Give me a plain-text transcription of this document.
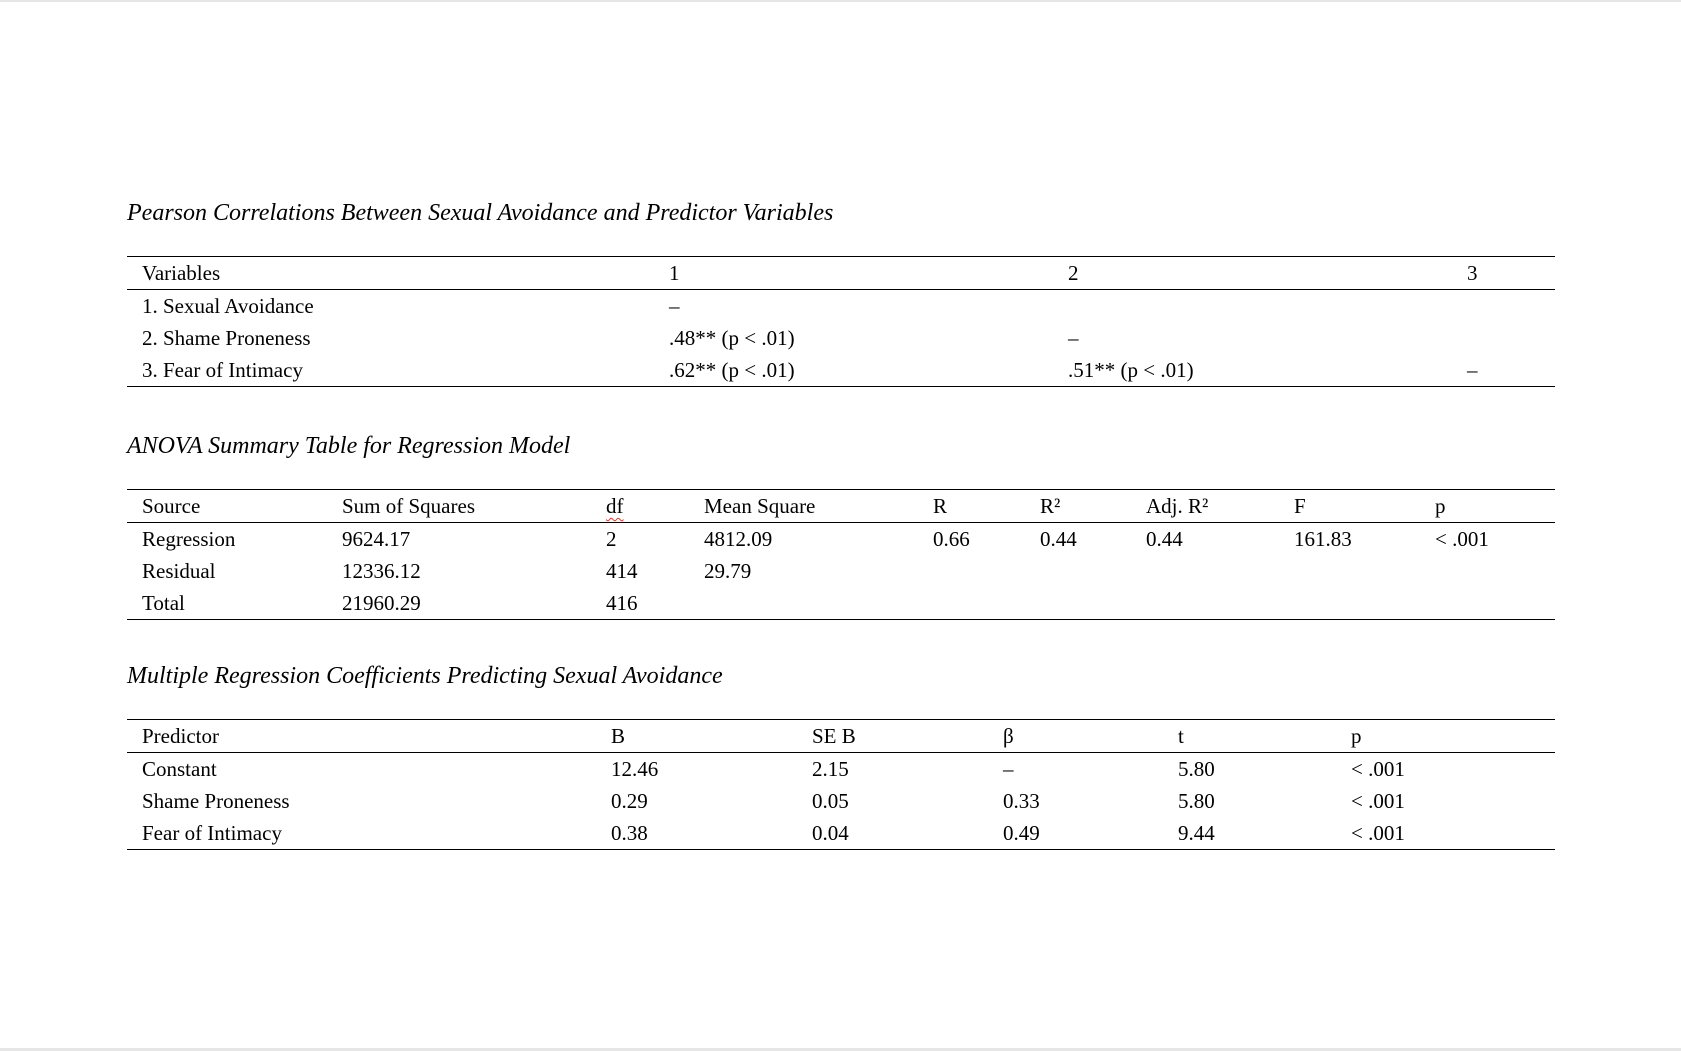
Pearson Correlations Between Sexual Avoidance and Predictor Variables
Variables	1	2	3
1. Sexual Avoidance	–
2. Shame Proneness	.48** (p < .01)	–
3. Fear of Intimacy	.62** (p < .01)	.51** (p < .01)	–
ANOVA Summary Table for Regression Model
Source	Sum of Squares	df	Mean Square	R	R²	Adj. R²	F	p
Regression	9624.17	2	4812.09	0.66	0.44	0.44	161.83	< .001
Residual	12336.12	414	29.79
Total	21960.29	416
Multiple Regression Coefficients Predicting Sexual Avoidance
Predictor	B	SE B	β	t	p
Constant	12.46	2.15	–	5.80	< .001
Shame Proneness	0.29	0.05	0.33	5.80	< .001
Fear of Intimacy	0.38	0.04	0.49	9.44	< .001
